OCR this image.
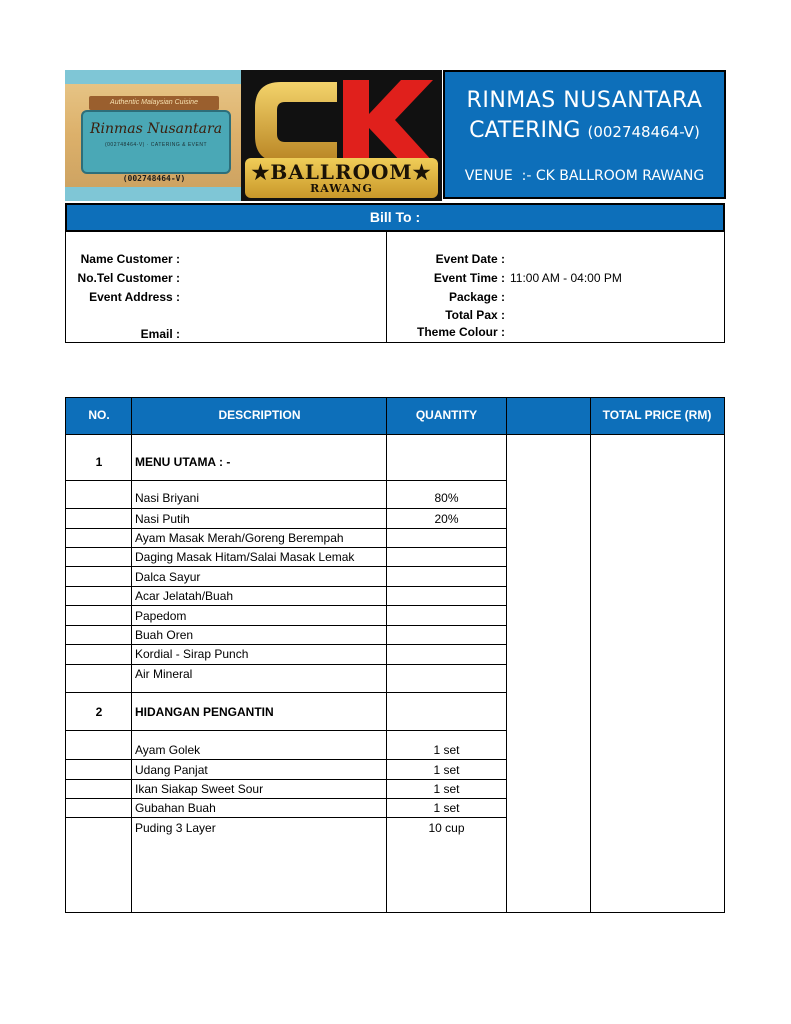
Authentic Malaysian Cuisine
Rinmas Nusantara
(002748464-V) · CATERING & EVENT
(002748464-V)	★BALLROOM★
RAWANG
RINMAS NUSANTARA
CATERING (002748464-V)
VENUE  :- CK BALLROOM RAWANG
Bill To :
Name Customer :
No.Tel Customer :
Event Address :
Email :
Event Date :
Event Time : 11:00 AM - 04:00 PM
Package :
Total Pax :
Theme Colour :
NO.	DESCRIPTION	QUANTITY	TOTAL PRICE (RM)
1	MENU UTAMA : -
Nasi Briyani	80%
Nasi Putih	20%
Ayam Masak Merah/Goreng Berempah
Daging Masak Hitam/Salai Masak Lemak
Dalca Sayur
Acar Jelatah/Buah
Papedom
Buah Oren
Kordial - Sirap Punch
Air Mineral
2	HIDANGAN PENGANTIN
Ayam Golek	1 set
Udang Panjat	1 set
Ikan Siakap Sweet Sour	1 set
Gubahan Buah	1 set
Puding 3 Layer	10 cup
